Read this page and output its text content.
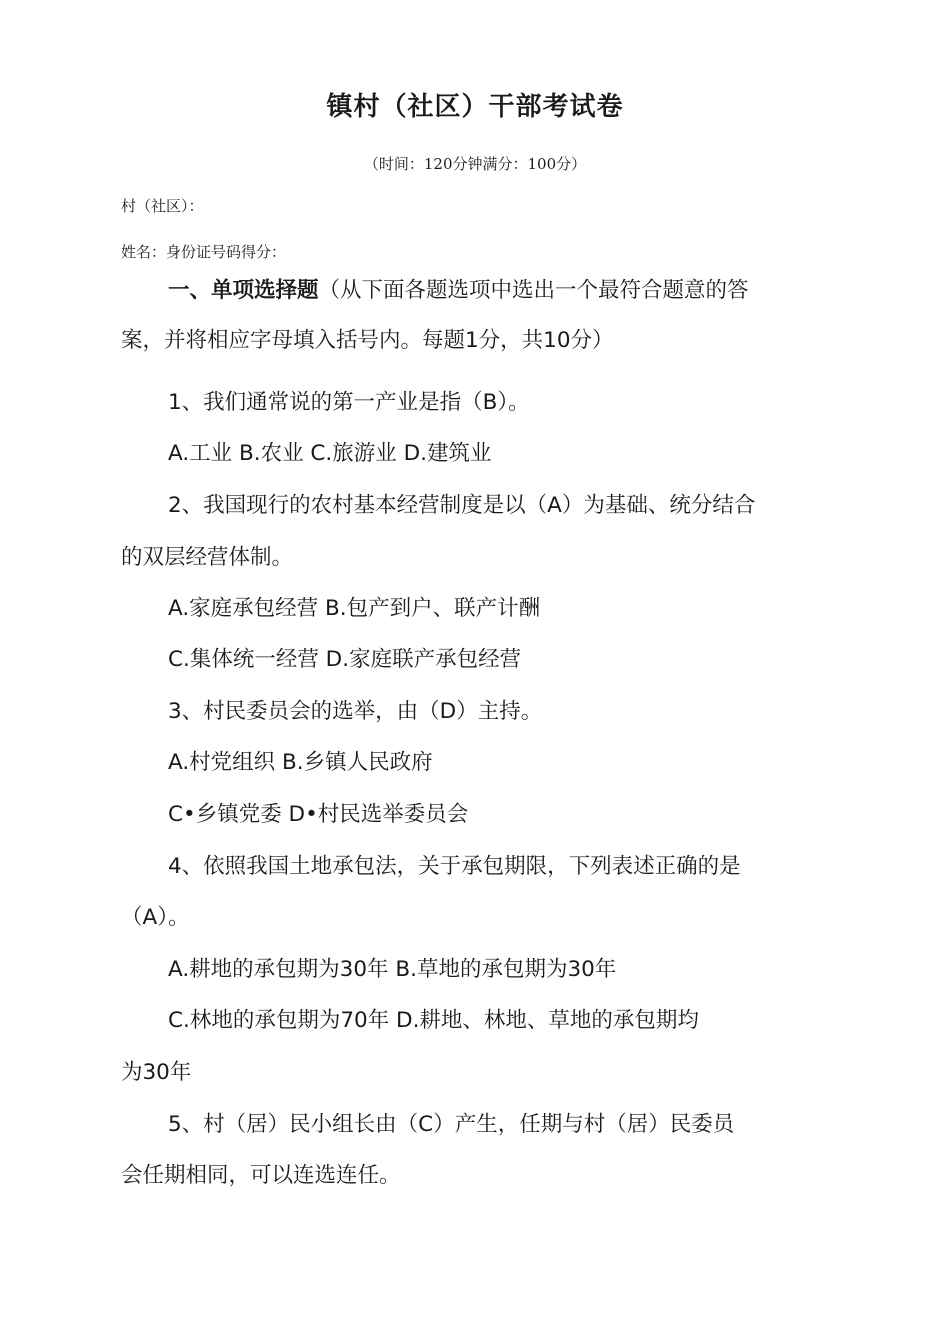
镇村（社区）干部考试卷

（时间：120分钟满分：100分）

村（社区）：

姓名：身份证号码得分：

一、单项选择题（从下面各题选项中选出一个最符合题意的答

案，并将相应字母填入括号内。每题1分，共10分）

1、我们通常说的第一产业是指（B）。

A.工业 B.农业 C.旅游业 D.建筑业

2、我国现行的农村基本经营制度是以（A）为基础、统分结合

的双层经营体制。

A.家庭承包经营 B.包产到户、联产计酬

C.集体统一经营 D.家庭联产承包经营

3、村民委员会的选举，由（D）主持。

A.村党组织 B.乡镇人民政府

C•乡镇党委 D•村民选举委员会

4、依照我国土地承包法，关于承包期限，下列表述正确的是

（A）。

A.耕地的承包期为30年 B.草地的承包期为30年

C.林地的承包期为70年 D.耕地、林地、草地的承包期均

为30年

5、村（居）民小组长由（C）产生，任期与村（居）民委员

会任期相同，可以连选连任。
